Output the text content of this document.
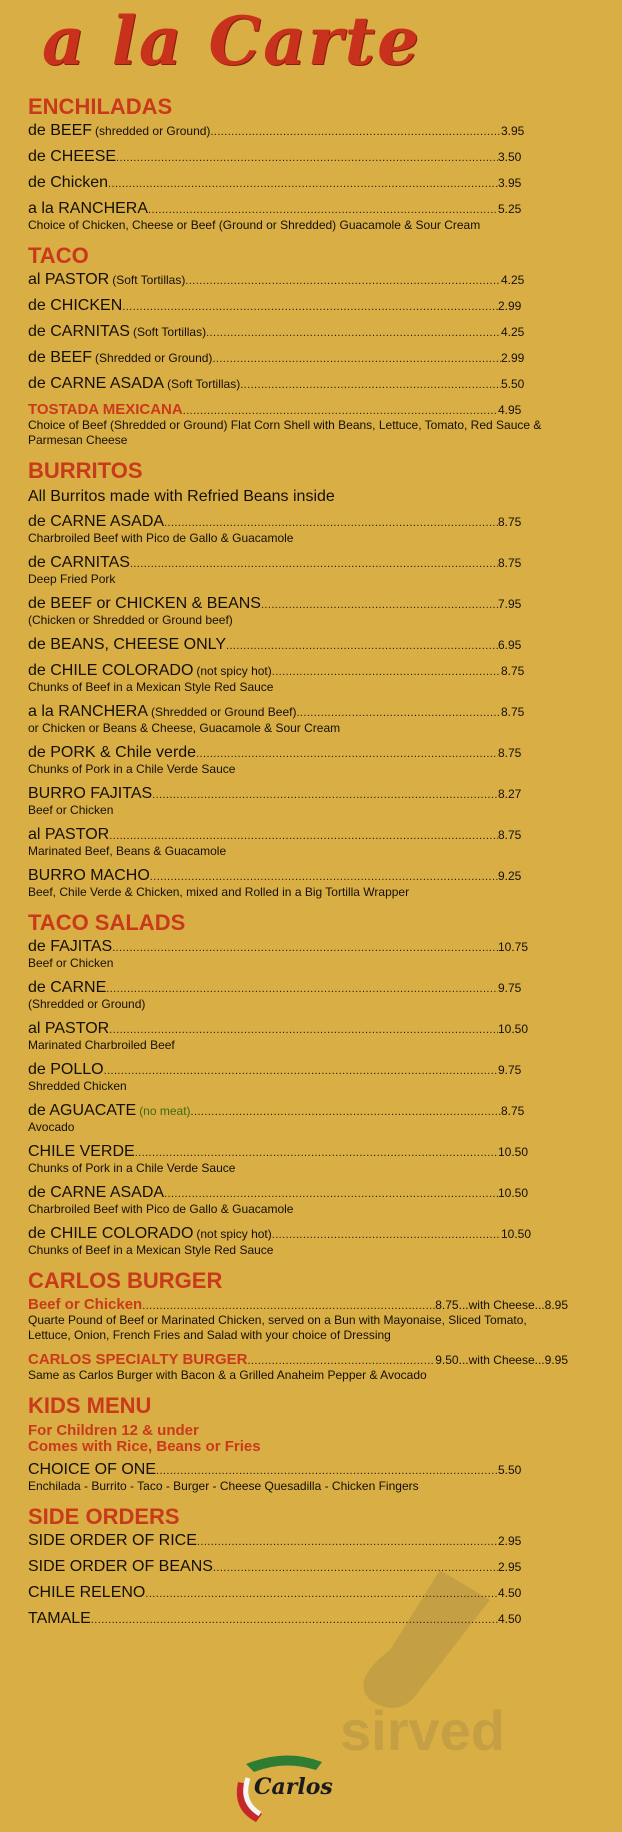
a la Carte
ENCHILADAS
de BEEF (shredded or Ground) .....	3.95
de CHEESE .....	3.50
de Chicken .....	3.95
a la RANCHERA .....	5.25
Choice of Chicken, Cheese or Beef (Ground or Shredded) Guacamole & Sour Cream
TACO
al PASTOR (Soft Tortillas) .....	4.25
de CHICKEN .....	2.99
de CARNITAS (Soft Tortillas) .....	4.25
de BEEF (Shredded or Ground) .....	2.99
de CARNE ASADA (Soft Tortillas) .....	5.50
TOSTADA MEXICANA .....	4.95
Choice of Beef (Shredded or Ground) Flat Corn Shell with Beans, Lettuce, Tomato, Red Sauce & Parmesan Cheese
BURRITOS
All Burritos made with Refried Beans inside
de CARNE ASADA .....	8.75
Charbroiled Beef with Pico de Gallo & Guacamole
de CARNITAS .....	8.75
Deep Fried Pork
de BEEF or CHICKEN & BEANS .....	7.95
(Chicken or Shredded or Ground beef)
de BEANS, CHEESE ONLY .....	6.95
de CHILE COLORADO (not spicy hot) .....	8.75
Chunks of Beef in a Mexican Style Red Sauce
a la RANCHERA (Shredded or Ground Beef) .....	8.75
or Chicken or Beans & Cheese, Guacamole & Sour Cream
de PORK & Chile verde .....	8.75
Chunks of Pork in a Chile Verde Sauce
BURRO FAJITAS .....	8.27
Beef or Chicken
al PASTOR .....	8.75
Marinated Beef, Beans & Guacamole
BURRO MACHO .....	9.25
Beef, Chile Verde & Chicken, mixed and Rolled in a Big Tortilla Wrapper
TACO SALADS
de FAJITAS .....	10.75
Beef or Chicken
de CARNE .....	9.75
(Shredded or Ground)
al PASTOR .....	10.50
Marinated Charbroiled Beef
de POLLO .....	9.75
Shredded Chicken
de AGUACATE (no meat) .....	8.75
Avocado
CHILE VERDE .....	10.50
Chunks of Pork in a Chile Verde Sauce
de CARNE ASADA .....	10.50
Charbroiled Beef with Pico de Gallo & Guacamole
de CHILE COLORADO (not spicy hot) .....	10.50
Chunks of Beef in a Mexican Style Red Sauce
CARLOS BURGER
Beef or Chicken .....	8.75...with Cheese...8.95
Quarte Pound of Beef or Marinated Chicken, served on a Bun with Mayonaise, Sliced Tomato, Lettuce, Onion, French Fries and Salad with your choice of Dressing
CARLOS SPECIALTY BURGER .....	9.50...with Cheese...9.95
Same as Carlos Burger with Bacon & a Grilled Anaheim Pepper & Avocado
KIDS MENU
For Children 12 & under
Comes with Rice, Beans or Fries
CHOICE OF ONE .....	5.50
Enchilada - Burrito - Taco - Burger - Cheese Quesadilla - Chicken Fingers
SIDE ORDERS
SIDE ORDER OF RICE .....	2.95
SIDE ORDER OF BEANS .....	2.95
CHILE RELENO .....	4.50
TAMALE .....	4.50
sirved
Carlos
